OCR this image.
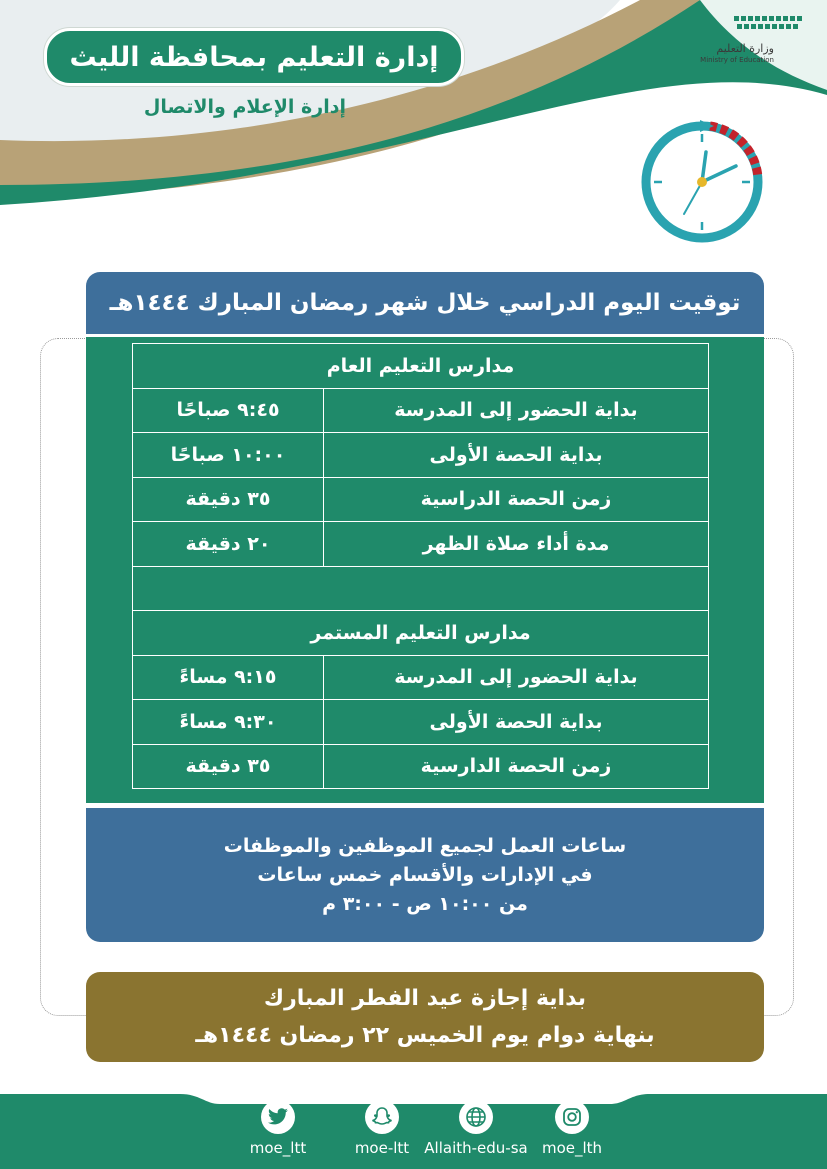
إدارة التعليم بمحافظة الليث
إدارة الإعلام والاتصال
وزارة التعليم
Ministry of Education
توقيت اليوم الدراسي خلال شهر رمضان المبارك ١٤٤٤هـ
مدارس التعليم العام	
بداية الحضور إلى المدرسة	٩:٤٥ صباحًا
بداية الحصة الأولى	١٠:٠٠ صباحًا
زمن الحصة الدراسية	٣٥ دقيقة
مدة أداء صلاة الظهر	٢٠ دقيقة

مدارس التعليم المستمر	
بداية الحضور إلى المدرسة	٩:١٥ مساءً
بداية الحصة الأولى	٩:٣٠ مساءً
زمن الحصة الدارسية	٣٥ دقيقة
ساعات العمل لجميع الموظفين والموظفات
في الإدارات والأقسام خمس ساعات
من ١٠:٠٠ ص - ٣:٠٠ م
بداية إجازة عيد الفطر المبارك
بنهاية دوام يوم الخميس ٢٢ رمضان ١٤٤٤هـ
moe_ltt	moe-ltt Allaith-edu-sa moe_lth
